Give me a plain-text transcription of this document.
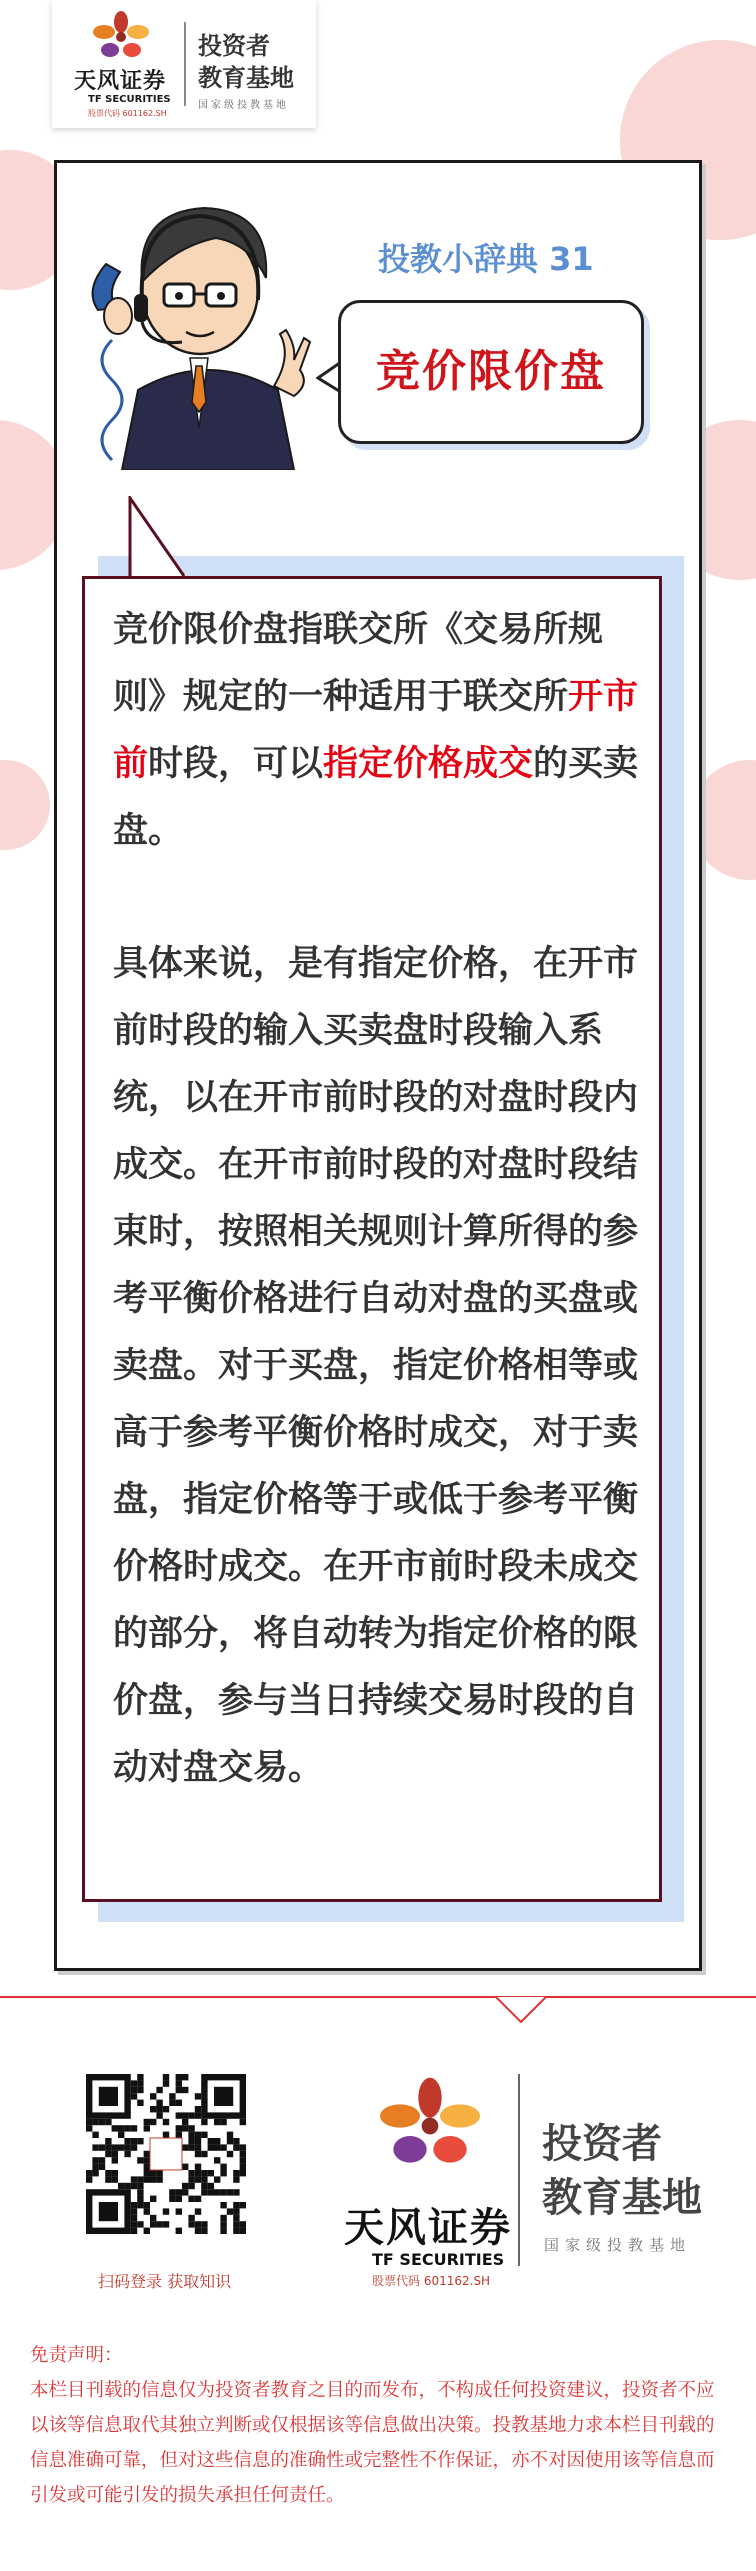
天风证券
TF SECURITIES
股票代码 601162.SH
投资者
教育基地
国家级投教基地
投教小辞典 31
竞价限价盘

竞价限价盘指联交所《交易所规则》规定的一种适用于联交所开市前时段，可以指定价格成交的买卖盘。

具体来说，是有指定价格，在开市前时段的输入买卖盘时段输入系统，以在开市前时段的对盘时段内成交。在开市前时段的对盘时段结束时，按照相关规则计算所得的参考平衡价格进行自动对盘的买盘或卖盘。对于买盘，指定价格相等或高于参考平衡价格时成交，对于卖盘，指定价格等于或低于参考平衡价格时成交。在开市前时段未成交的部分，将自动转为指定价格的限价盘，参与当日持续交易时段的自动对盘交易。

扫码登录 获取知识
天风证券
TF SECURITIES
股票代码 601162.SH
投资者
教育基地
国家级投教基地
免责声明：
本栏目刊载的信息仅为投资者教育之目的而发布，不构成任何投资建议，投资者不应以该等信息取代其独立判断或仅根据该等信息做出决策。投教基地力求本栏目刊载的信息准确可靠，但对这些信息的准确性或完整性不作保证，亦不对因使用该等信息而引发或可能引发的损失承担任何责任。
